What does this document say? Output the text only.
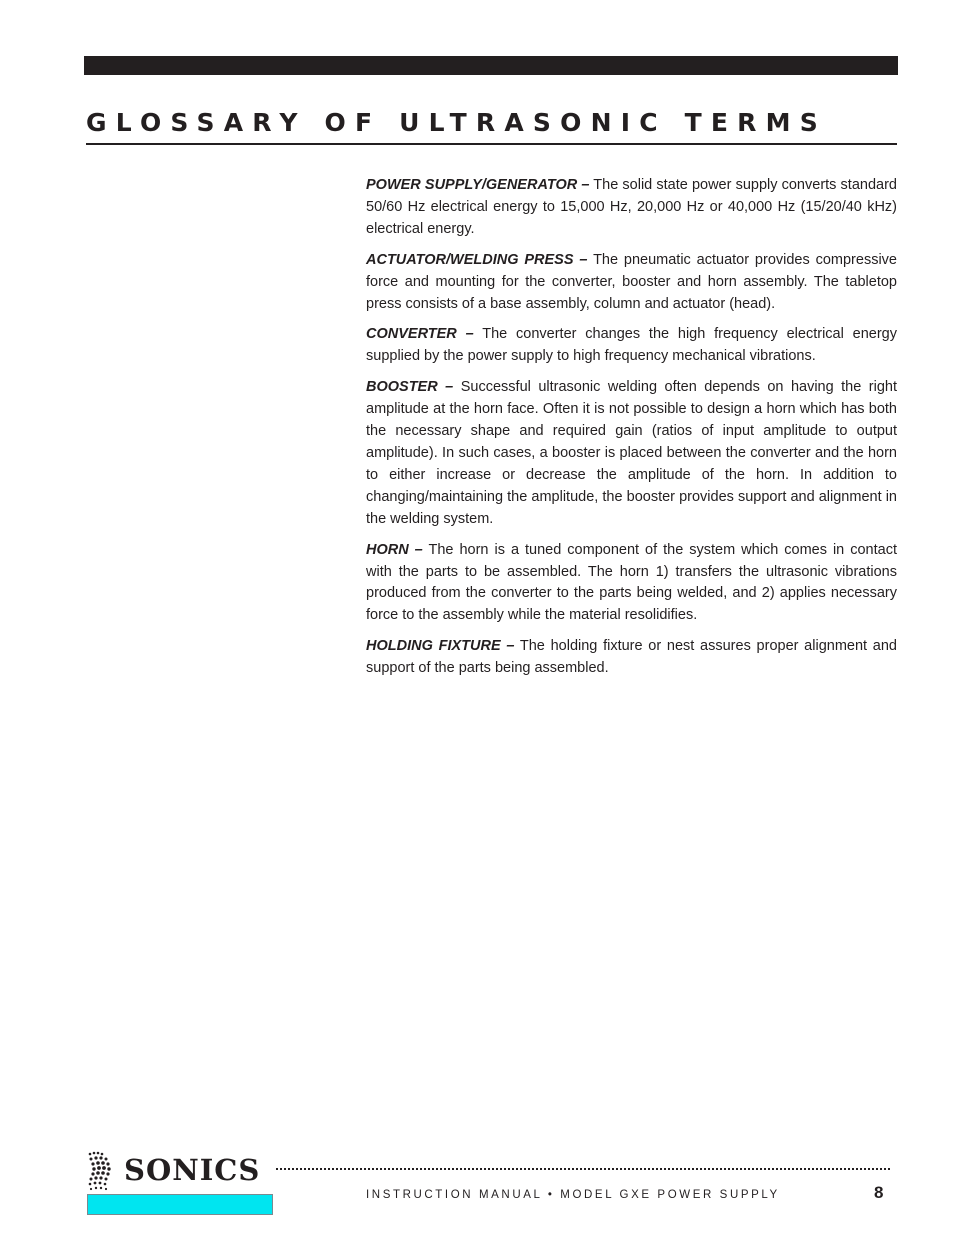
GLOSSARY OF ULTRASONIC TERMS

POWER SUPPLY/GENERATOR – The solid state power supply converts standard 50/60 Hz electrical energy to 15,000 Hz, 20,000 Hz or 40,000 Hz (15/20/40 kHz) electrical energy.

ACTUATOR/WELDING PRESS – The pneumatic actuator provides compressive force and mounting for the converter, booster and horn assembly. The tabletop press consists of a base assembly, column and actuator (head).

CONVERTER – The converter changes the high frequency electrical energy supplied by the power supply to high frequency mechanical vibrations.

BOOSTER – Successful ultrasonic welding often depends on having the right amplitude at the horn face. Often it is not possible to design a horn which has both the necessary shape and required gain (ratios of input amplitude to output amplitude). In such cases, a booster is placed between the converter and the horn to either increase or decrease the amplitude of the horn. In addition to changing/maintaining the amplitude, the booster provides support and alignment in the welding system.

HORN – The horn is a tuned component of the system which comes in contact with the parts to be assembled. The horn 1) transfers the ultrasonic vibrations produced from the converter to the parts being welded, and 2) applies necessary force to the assembly while the material resolidifies.

HOLDING FIXTURE – The holding fixture or nest assures proper alignment and support of the parts being assembled.

SONICS
INSTRUCTION MANUAL • MODEL GXE POWER SUPPLY	8
